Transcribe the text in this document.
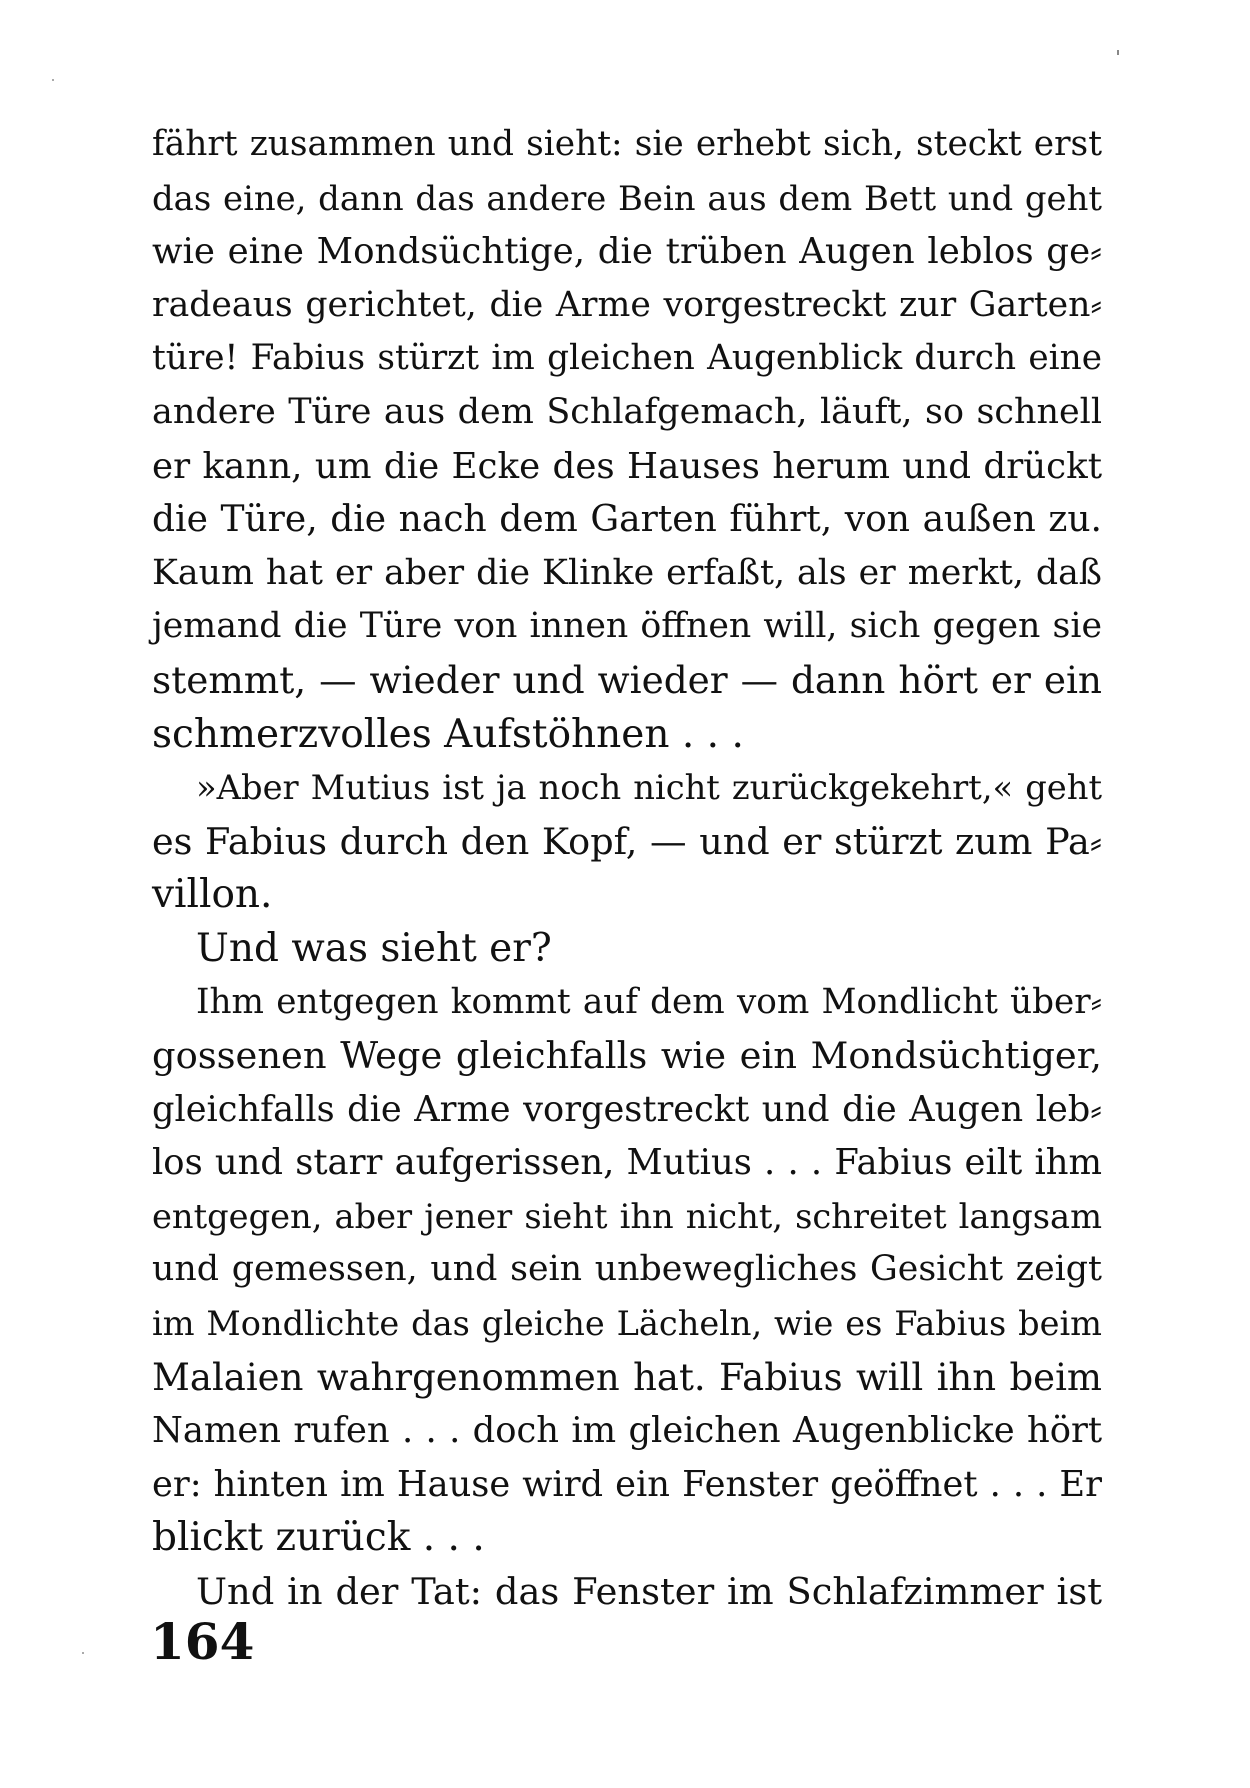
fährt zusammen und sieht: sie erhebt sich, steckt erst
das eine, dann das andere Bein aus dem Bett und geht
wie eine Mondsüchtige, die trüben Augen leblos ge⸗
radeaus gerichtet, die Arme vorgestreckt zur Garten⸗
türe! Fabius stürzt im gleichen Augenblick durch eine
andere Türe aus dem Schlafgemach, läuft, so schnell
er kann, um die Ecke des Hauses herum und drückt
die Türe, die nach dem Garten führt, von außen zu.
Kaum hat er aber die Klinke erfaßt, als er merkt, daß
jemand die Türe von innen öffnen will, sich gegen sie
stemmt, — wieder und wieder — dann hört er ein
schmerzvolles Aufstöhnen . . .
»Aber Mutius ist ja noch nicht zurückgekehrt,« geht
es Fabius durch den Kopf, — und er stürzt zum Pa⸗
villon.
Und was sieht er?
Ihm entgegen kommt auf dem vom Mondlicht über⸗
gossenen Wege gleichfalls wie ein Mondsüchtiger,
gleichfalls die Arme vorgestreckt und die Augen leb⸗
los und starr aufgerissen, Mutius . . . Fabius eilt ihm
entgegen, aber jener sieht ihn nicht, schreitet langsam
und gemessen, und sein unbewegliches Gesicht zeigt
im Mondlichte das gleiche Lächeln, wie es Fabius beim
Malaien wahrgenommen hat. Fabius will ihn beim
Namen rufen . . . doch im gleichen Augenblicke hört
er: hinten im Hause wird ein Fenster geöffnet . . . Er
blickt zurück . . .
Und in der Tat: das Fenster im Schlafzimmer ist
164
